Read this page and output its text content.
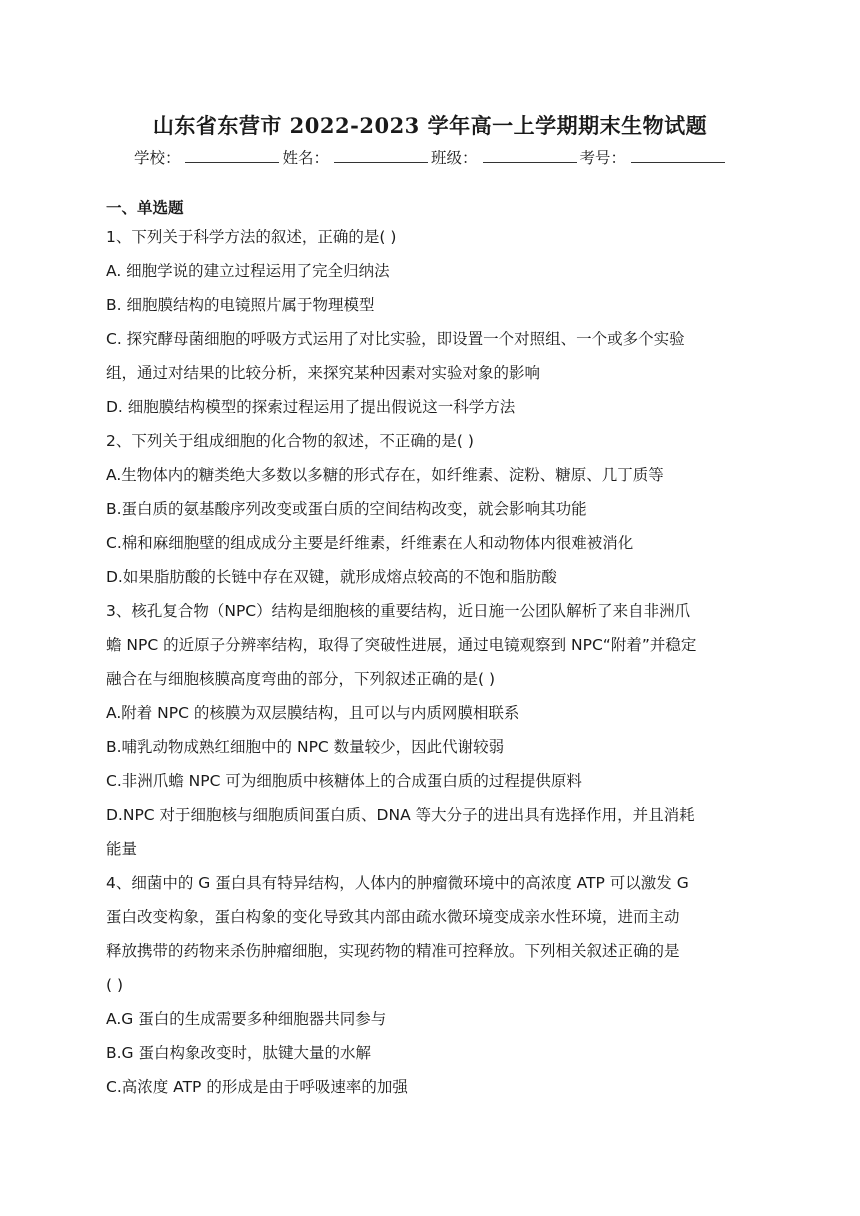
山东省东营市 2022-2023 学年高一上学期期末生物试题
学校：	姓名：	班级：	考号：
一、单选题
1、下列关于科学方法的叙述，正确的是( )
A. 细胞学说的建立过程运用了完全归纳法
B. 细胞膜结构的电镜照片属于物理模型
C. 探究酵母菌细胞的呼吸方式运用了对比实验，即设置一个对照组、一个或多个实验
组，通过对结果的比较分析，来探究某种因素对实验对象的影响
D. 细胞膜结构模型的探索过程运用了提出假说这一科学方法
2、下列关于组成细胞的化合物的叙述，不正确的是( )
A.生物体内的糖类绝大多数以多糖的形式存在，如纤维素、淀粉、糖原、几丁质等
B.蛋白质的氨基酸序列改变或蛋白质的空间结构改变，就会影响其功能
C.棉和麻细胞壁的组成成分主要是纤维素，纤维素在人和动物体内很难被消化
D.如果脂肪酸的长链中存在双键，就形成熔点较高的不饱和脂肪酸
3、核孔复合物（NPC）结构是细胞核的重要结构，近日施一公团队解析了来自非洲爪
蟾 NPC 的近原子分辨率结构，取得了突破性进展，通过电镜观察到 NPC“附着”并稳定
融合在与细胞核膜高度弯曲的部分，下列叙述正确的是( )
A.附着 NPC 的核膜为双层膜结构，且可以与内质网膜相联系
B.哺乳动物成熟红细胞中的 NPC 数量较少，因此代谢较弱
C.非洲爪蟾 NPC 可为细胞质中核糖体上的合成蛋白质的过程提供原料
D.NPC 对于细胞核与细胞质间蛋白质、DNA 等大分子的进出具有选择作用，并且消耗
能量
4、细菌中的 G 蛋白具有特异结构，人体内的肿瘤微环境中的高浓度 ATP 可以激发 G
蛋白改变构象，蛋白构象的变化导致其内部由疏水微环境变成亲水性环境，进而主动
释放携带的药物来杀伤肿瘤细胞，实现药物的精准可控释放。下列相关叙述正确的是
( )
A.G 蛋白的生成需要多种细胞器共同参与
B.G 蛋白构象改变时，肽键大量的水解
C.高浓度 ATP 的形成是由于呼吸速率的加强
